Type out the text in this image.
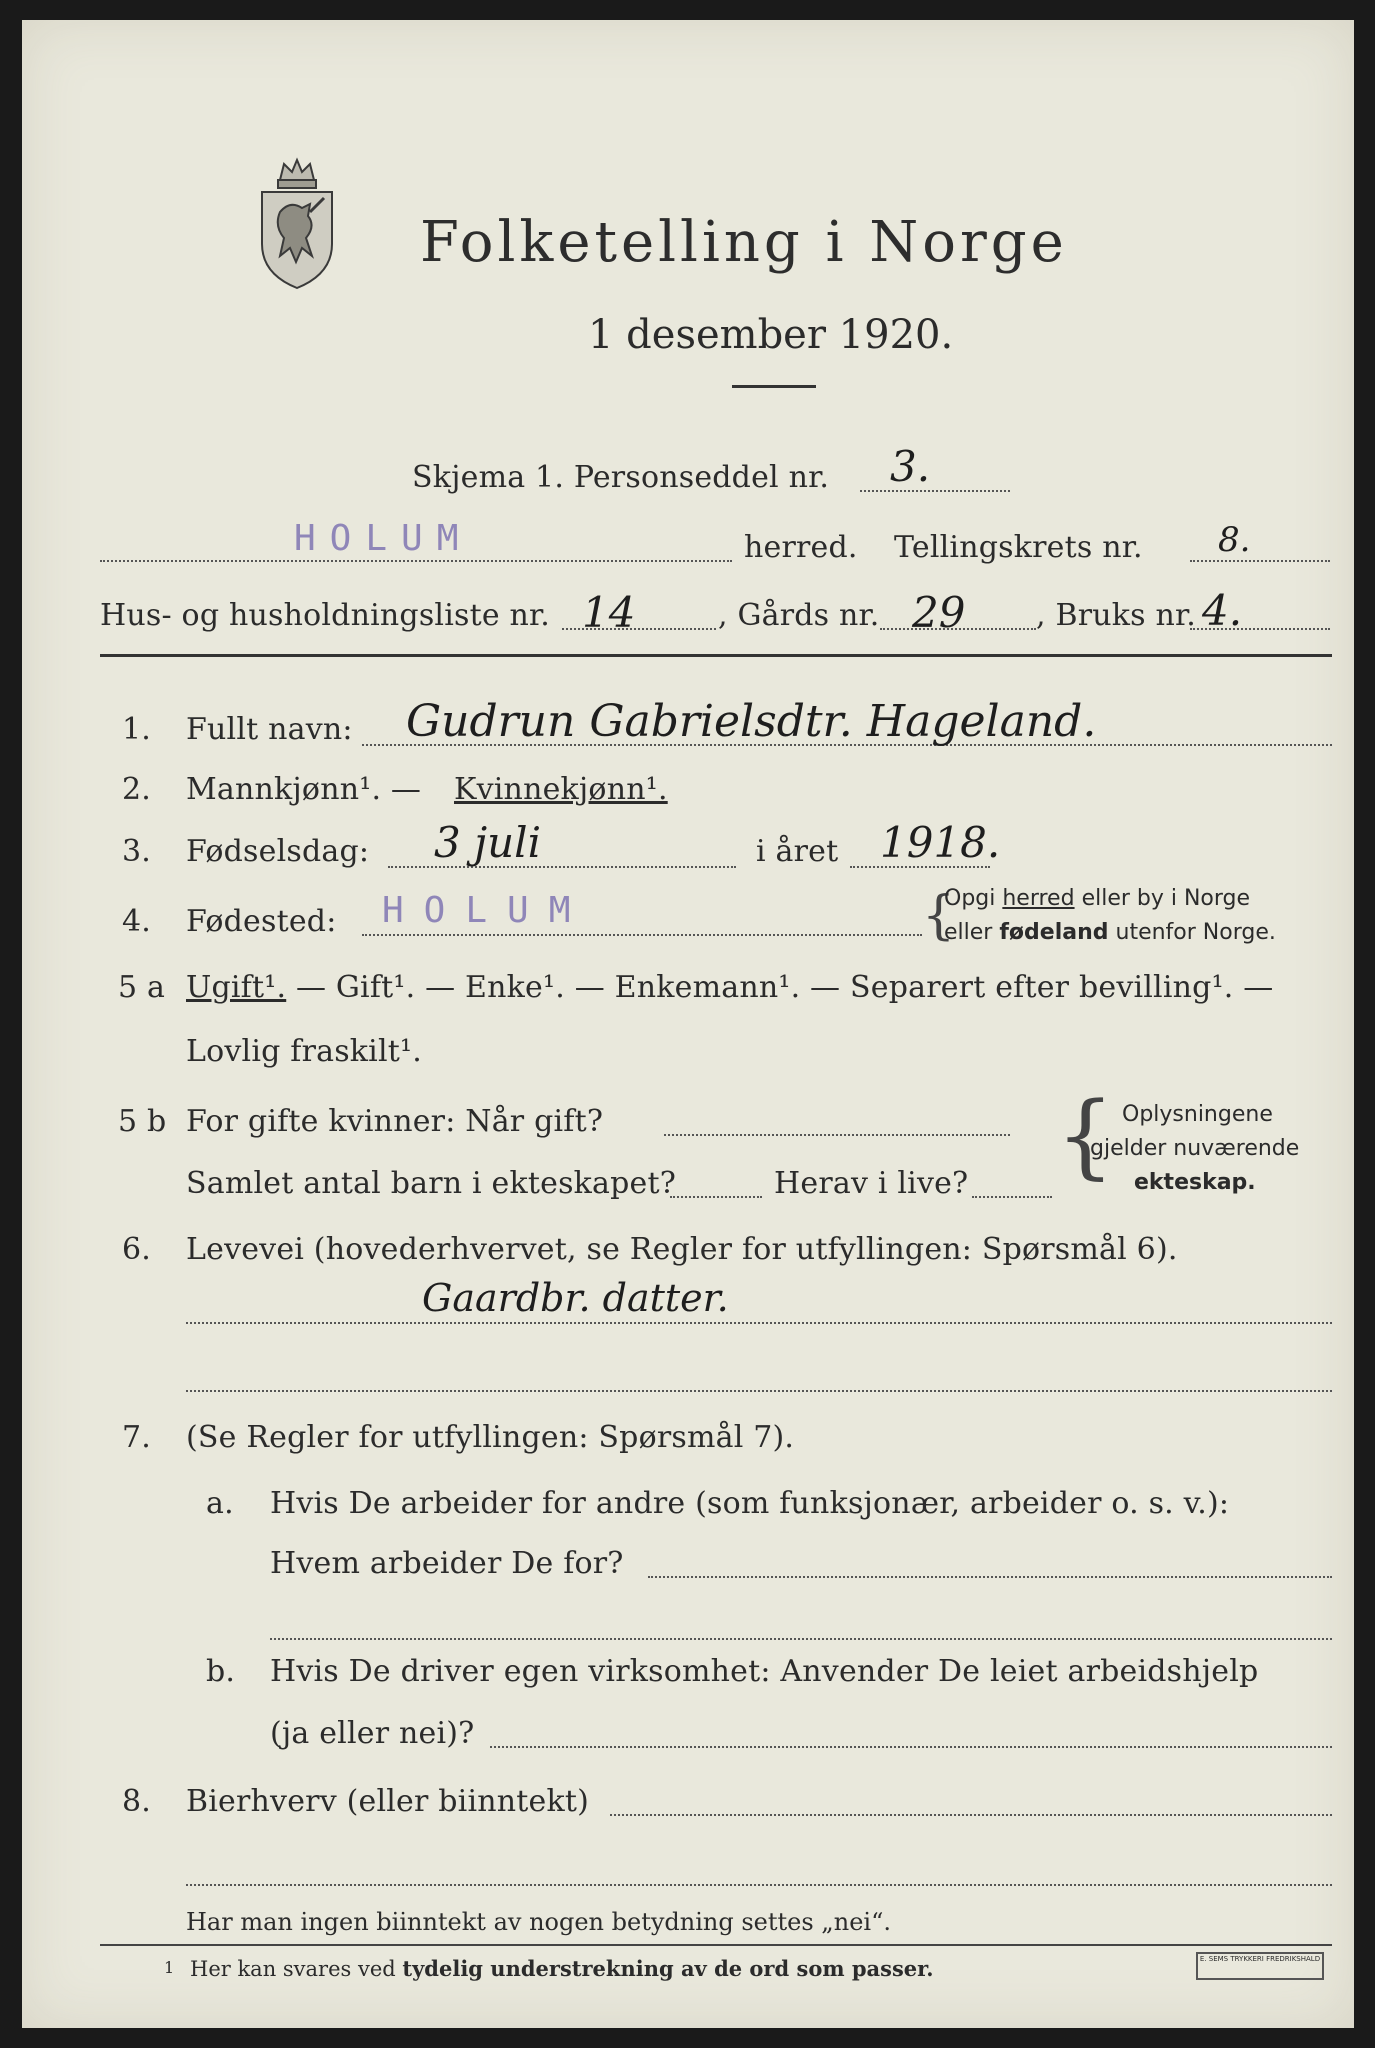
Folketelling i Norge
1 desember 1920.
Skjema 1. Personseddel nr. 3.
HOLUM	herred. Tellingskrets nr. 8.
Hus- og husholdningsliste nr. 14	, Gårds nr. 29 , Bruks nr. 4.
1. Fullt navn: Gudrun Gabrielsdtr. Hageland.
2. Mannkjønn¹. — Kvinnekjønn¹.
3. Fødselsdag: 3 juli	i året 1918.
4. Fødested: HOLUM	{
Opgi herred eller by i Norge
eller fødeland utenfor Norge.
5 a Ugift¹. — Gift¹. — Enke¹. — Enkemann¹. — Separert efter bevilling¹. —
Lovlig fraskilt¹.
5 b For gifte kvinner: Når gift?
Samlet antal barn i ekteskapet?	Herav i live? { Oplysningene
gjelder nuværende
ekteskap.
6. Levevei (hovederhvervet, se Regler for utfyllingen: Spørsmål 6).
Gaardbr. datter.
7. (Se Regler for utfyllingen: Spørsmål 7).
a. Hvis De arbeider for andre (som funksjonær, arbeider o. s. v.):
Hvem arbeider De for?
b. Hvis De driver egen virksomhet: Anvender De leiet arbeidshjelp
(ja eller nei)?
8. Bierhverv (eller biinntekt)
Har man ingen biinntekt av nogen betydning settes „nei“.
1 Her kan svares ved tydelig understrekning av de ord som passer.	E. SEMS TRYKKERI FREDRIKSHALD
